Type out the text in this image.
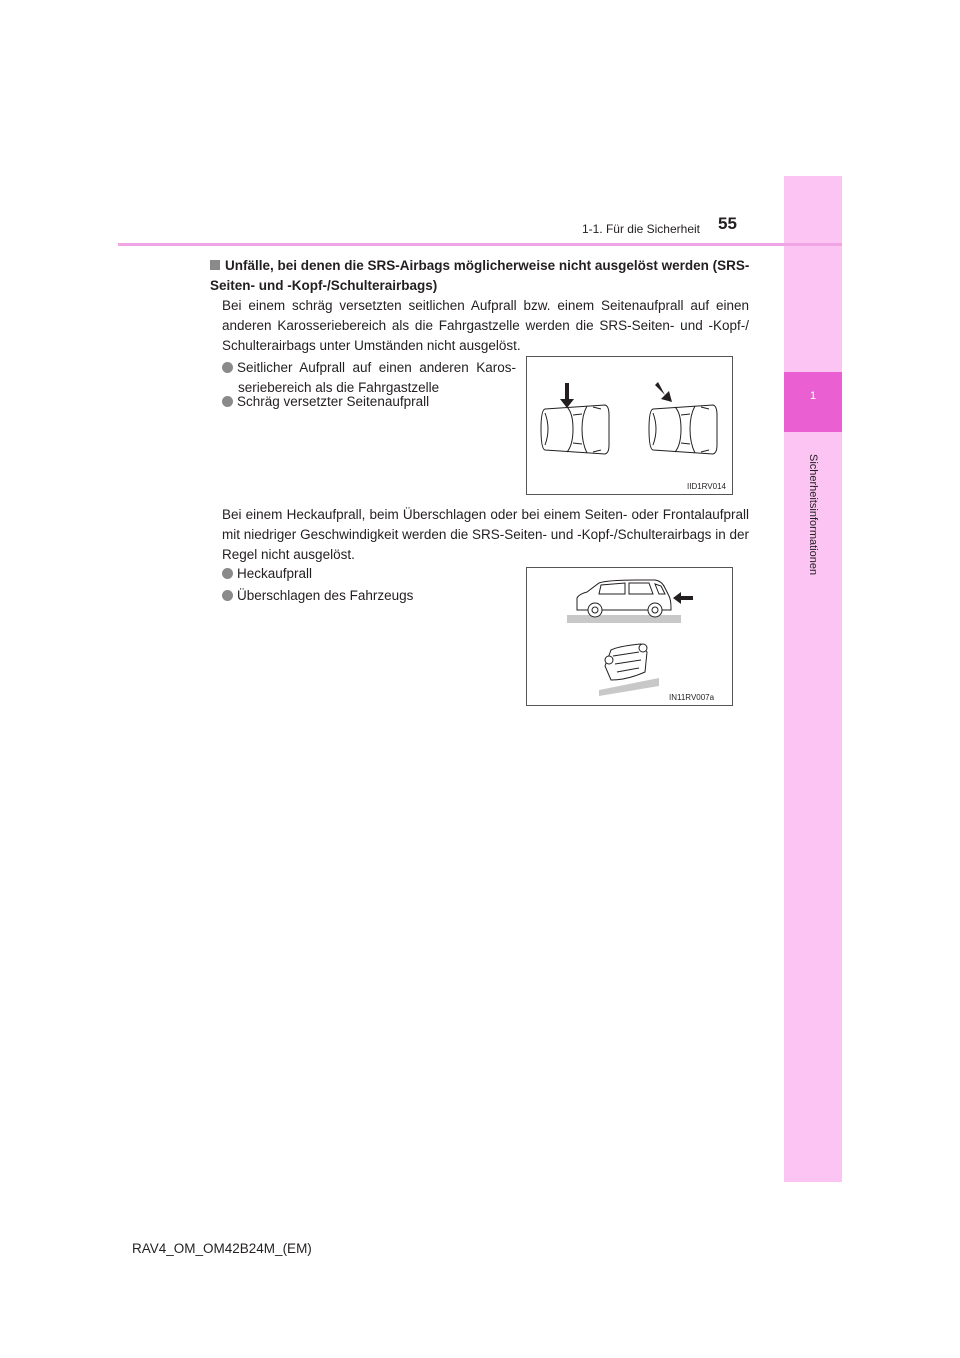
1
Sicherheitsinformationen
1-1. Für die Sicherheit 55
Unfälle, bei denen die SRS-Airbags möglicherweise nicht ausgelöst werden (SRS-Seiten- und -Kopf-/Schulterairbags)
Bei einem schräg versetzten seitlichen Aufprall bzw. einem Seitenaufprall auf einen anderen Karosseriebereich als die Fahrgastzelle werden die SRS-Seiten- und -Kopf-/ Schulterairbags unter Umständen nicht ausgelöst.
Seitlicher Aufprall auf einen anderen Karosseriebereich als die Fahrgastzelle
Schräg versetzter Seitenaufprall
IID1RV014
Bei einem Heckaufprall, beim Überschlagen oder bei einem Seiten- oder Frontalaufprall mit niedriger Geschwindigkeit werden die SRS-Seiten- und -Kopf-/Schulterairbags in der Regel nicht ausgelöst.
Heckaufprall
Überschlagen des Fahrzeugs
IN11RV007a
RAV4_OM_OM42B24M_(EM)
